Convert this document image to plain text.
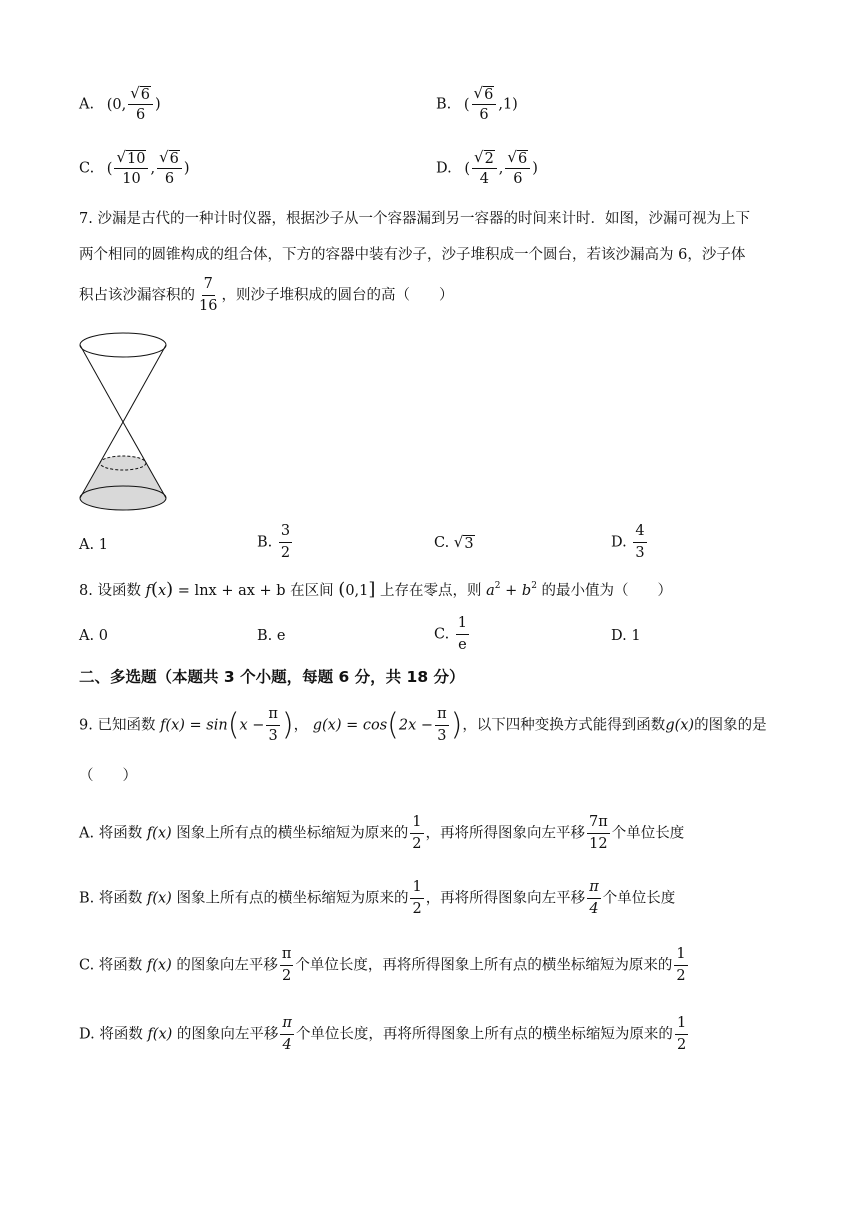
A. (0, $\frac{√ 6}{6}$ )	B. ( $\frac{√ 6}{6} ,1$)
C. ( $\frac{√ 10}{10}$ , $\frac{√ 6}{6}$ )	D. ( $\frac{√ 2}{4}$ , $\frac{√ 6}{6}$ )
7. 沙漏是古代的一种计时仪器，根据沙子从一个容器漏到另一容器的时间来计时．如图，沙漏可视为上下
两个相同的圆锥构成的组合体，下方的容器中装有沙子，沙子堆积成一个圆台，若该沙漏高为 6，沙子体
积占该沙漏容积的 $\frac{7}{16}$ ，则沙子堆积成的圆台的高（　　）
A. 1	B. $\frac{3}{2}$	C. √ 3	D. $\frac{4}{3}$
8. 设函数 f(x) = lnx + ax + b 在区间 (0,1] 上存在零点，则 $a^2 + b^2$ 的最小值为（　　）
A. 0	B. e	C. $\frac{1}{e}$	D. 1
二、多选题（本题共 3 个小题，每题 6 分，共 18 分）
9. 已知函数 $f(x) = \sin(x - \frac{\pi}{3}$ )， $g(x) = \cos(2x - \frac{\pi}{3}$ )，以下四种变换方式能得到函数g(x)的图象的是
（　　）
A. 将函数 f(x) 图象上所有点的横坐标缩短为原来的 $\frac{1}{2}$ ，再将所得图象向左平移 $\frac{7\pi}{12}$ 个单位长度
B. 将函数 f(x) 图象上所有点的横坐标缩短为原来的 $\frac{1}{2}$ ，再将所得图象向左平移 $\frac{\pi}{4}$ 个单位长度
C. 将函数 f(x) 的图象向左平移 $\frac{\pi}{2}$ 个单位长度，再将所得图象上所有点的横坐标缩短为原来的 $\frac{1}{2}$
D. 将函数 f(x) 的图象向左平移 $\frac{\pi}{4}$ 个单位长度，再将所得图象上所有点的横坐标缩短为原来的 $\frac{1}{2}$
